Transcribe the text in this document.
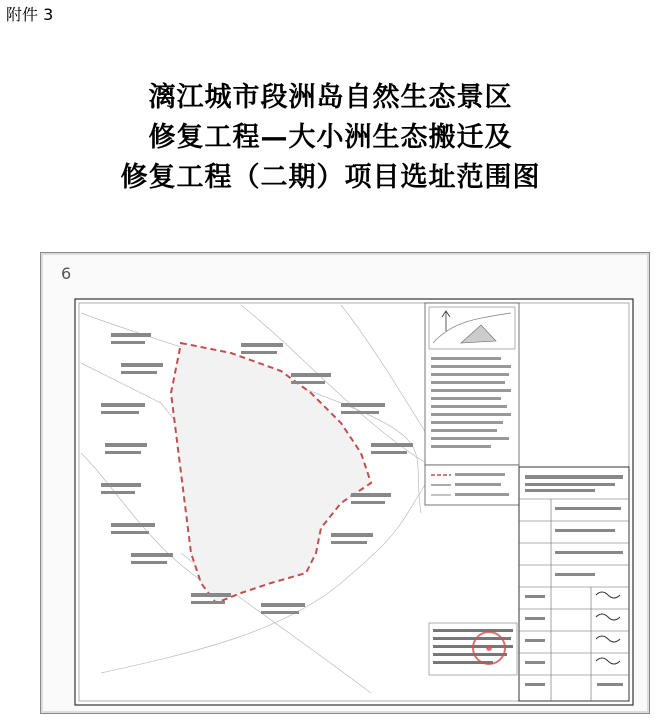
附件 3
漓江城市段洲岛自然生态景区
修复工程—大小洲生态搬迁及
修复工程（二期）项目选址范围图
6
